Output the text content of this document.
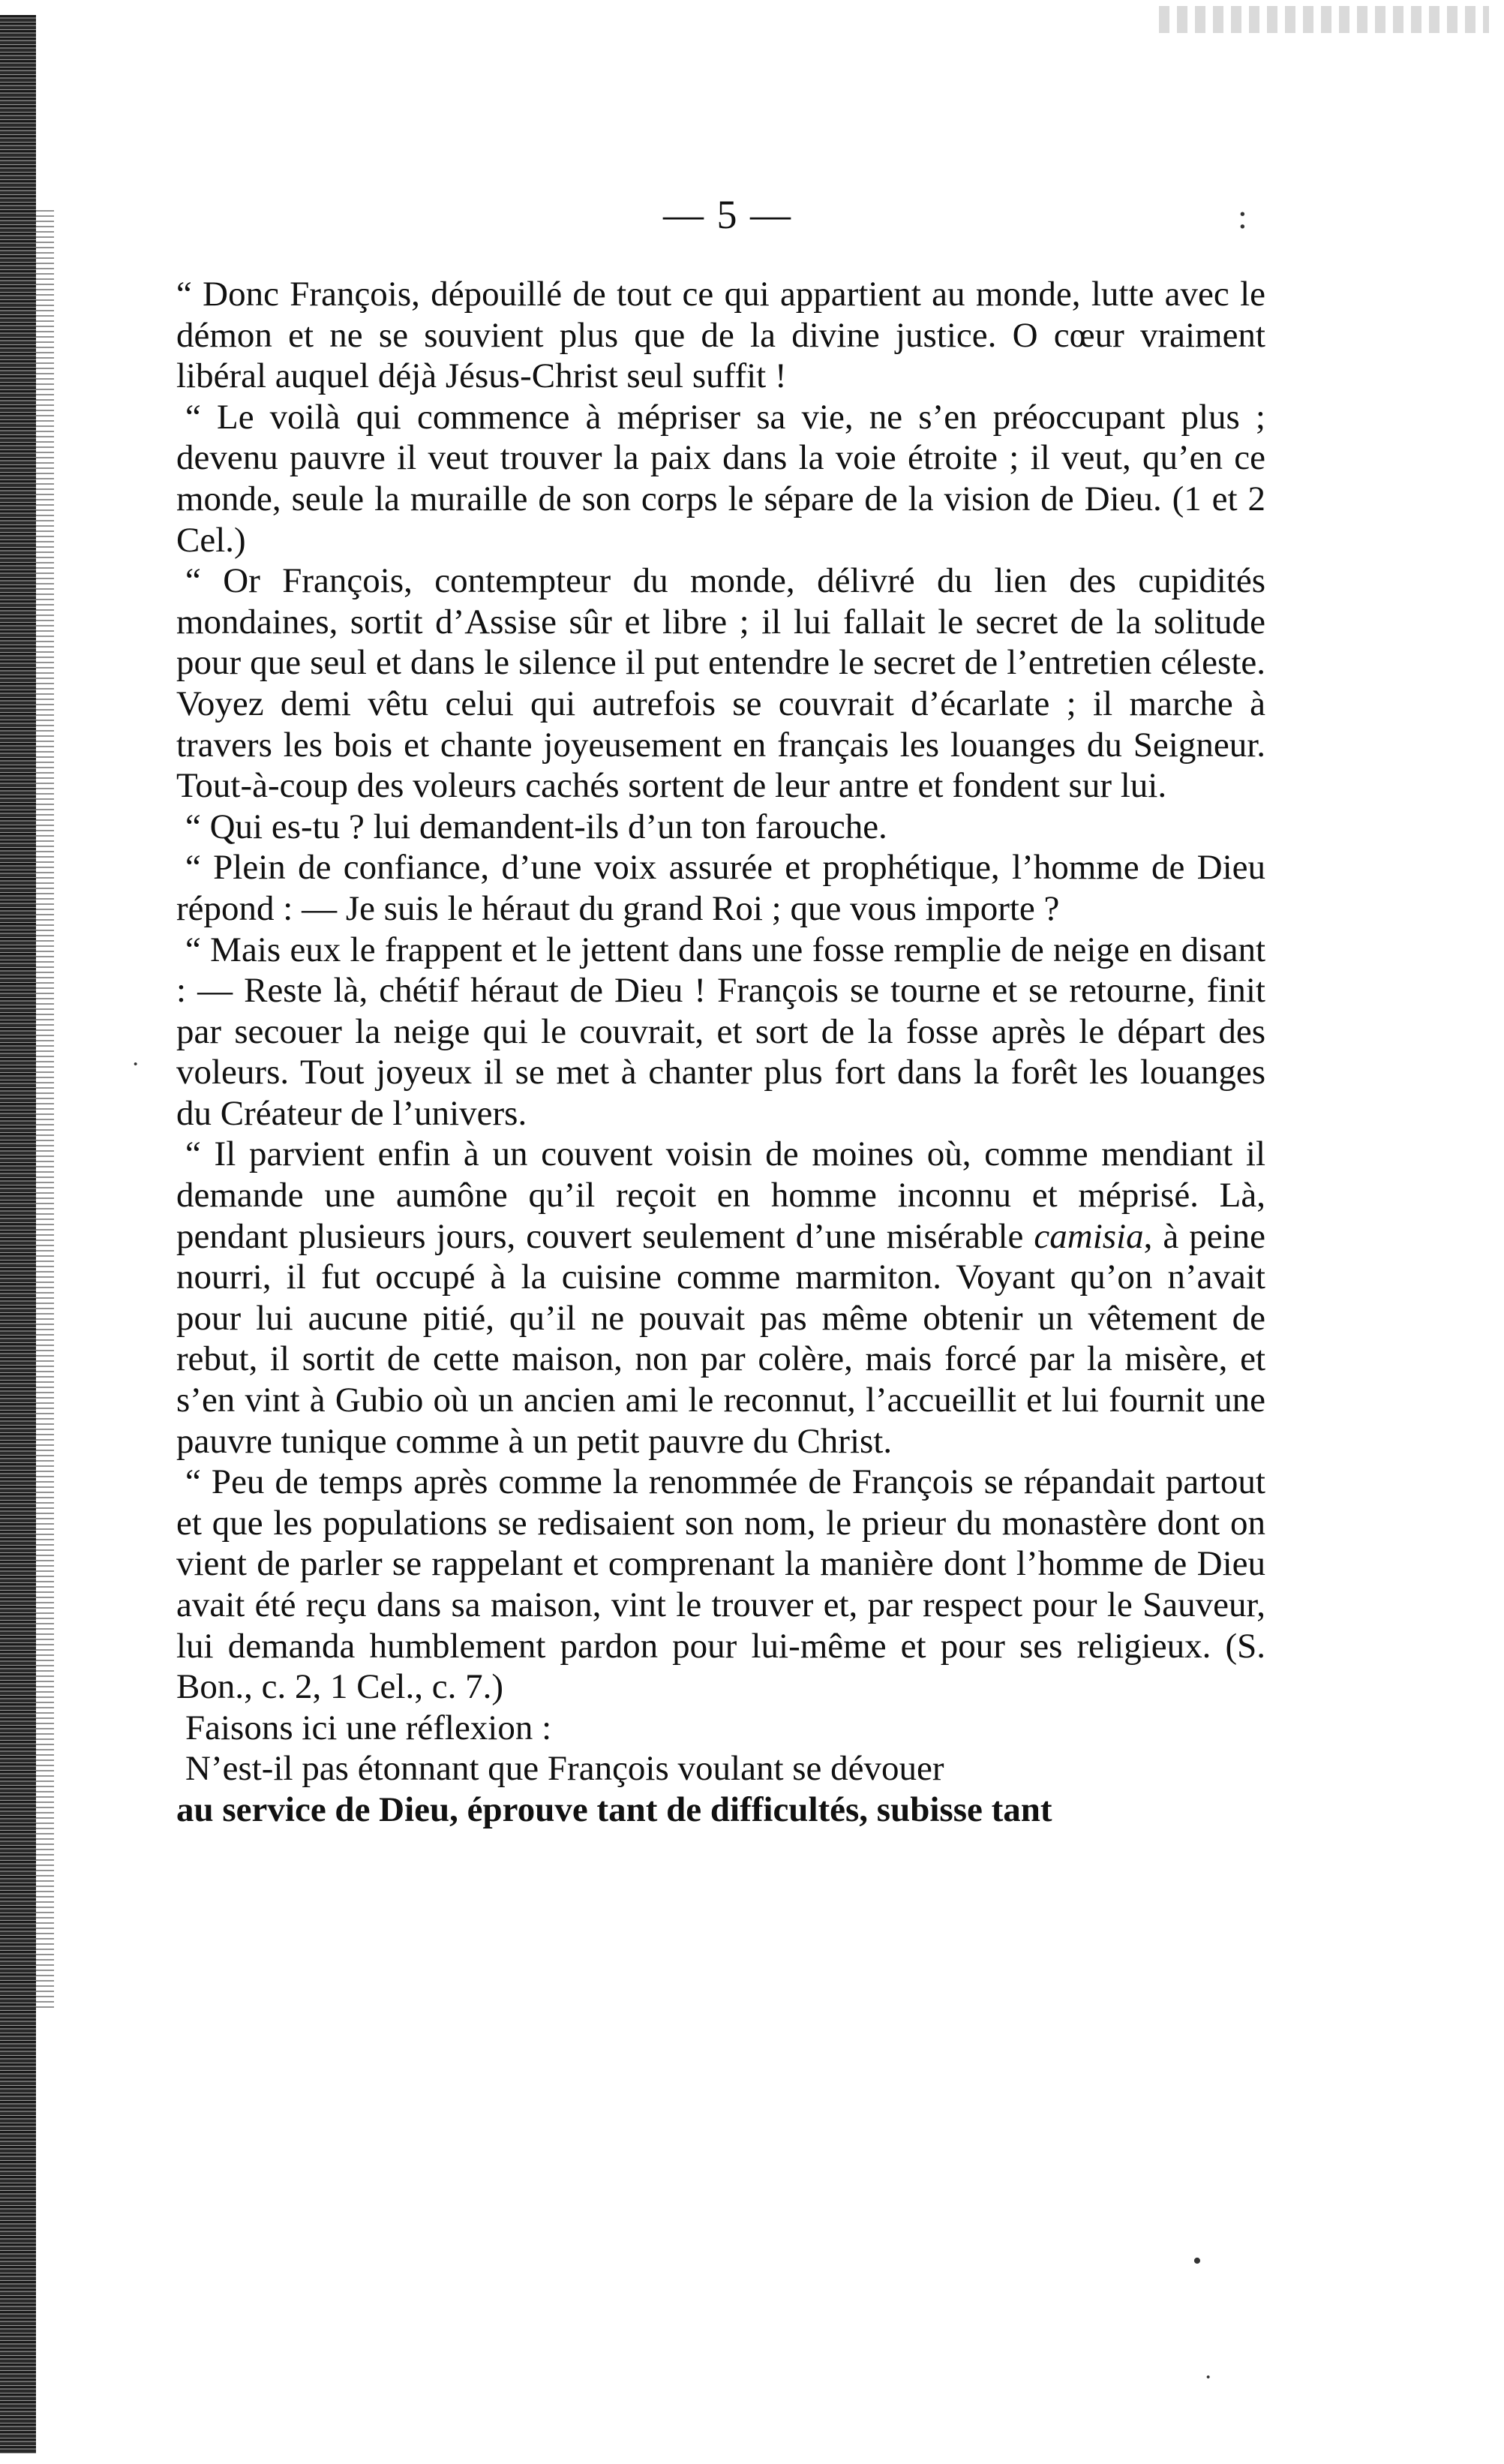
— 5 —	:
·
•
·

“ Donc François, dépouillé de tout ce qui appartient au monde, lutte avec le démon et ne se souvient plus que de la divine justice. O cœur vraiment libéral auquel déjà Jésus-Christ seul suffit !

“ Le voilà qui commence à mépriser sa vie, ne s’en préoccupant plus ; devenu pauvre il veut trouver la paix dans la voie étroite ; il veut, qu’en ce monde, seule la muraille de son corps le sépare de la vision de Dieu. (1 et 2 Cel.)

“ Or François, contempteur du monde, délivré du lien des cupidités mondaines, sortit d’Assise sûr et libre ; il lui fallait le secret de la solitude pour que seul et dans le silence il put entendre le secret de l’entretien céleste. Voyez demi vêtu celui qui autrefois se couvrait d’écarlate ; il marche à travers les bois et chante joyeusement en français les louanges du Seigneur. Tout-à-coup des voleurs cachés sortent de leur antre et fondent sur lui.

“ Qui es-tu ? lui demandent-ils d’un ton farouche.

“ Plein de confiance, d’une voix assurée et prophétique, l’homme de Dieu répond : — Je suis le héraut du grand Roi ; que vous importe ?

“ Mais eux le frappent et le jettent dans une fosse remplie de neige en disant : — Reste là, chétif héraut de Dieu ! François se tourne et se retourne, finit par secouer la neige qui le couvrait, et sort de la fosse après le départ des voleurs. Tout joyeux il se met à chanter plus fort dans la forêt les louanges du Créateur de l’univers.

“ Il parvient enfin à un couvent voisin de moines où, comme mendiant il demande une aumône qu’il reçoit en homme inconnu et méprisé. Là, pendant plusieurs jours, couvert seulement d’une misérable camisia, à peine nourri, il fut occupé à la cuisine comme marmiton. Voyant qu’on n’avait pour lui aucune pitié, qu’il ne pouvait pas même obtenir un vêtement de rebut, il sortit de cette maison, non par colère, mais forcé par la misère, et s’en vint à Gubio où un ancien ami le reconnut, l’accueillit et lui fournit une pauvre tunique comme à un petit pauvre du Christ.

“ Peu de temps après comme la renommée de François se répandait partout et que les populations se redisaient son nom, le prieur du monastère dont on vient de parler se rappelant et comprenant la manière dont l’homme de Dieu avait été reçu dans sa maison, vint le trouver et, par respect pour le Sauveur, lui demanda humblement pardon pour lui-même et pour ses religieux. (S. Bon., c. 2, 1 Cel., c. 7.)

Faisons ici une réflexion :

N’est-il pas étonnant que François voulant se dévouer

au service de Dieu, éprouve tant de difficultés, subisse tant
